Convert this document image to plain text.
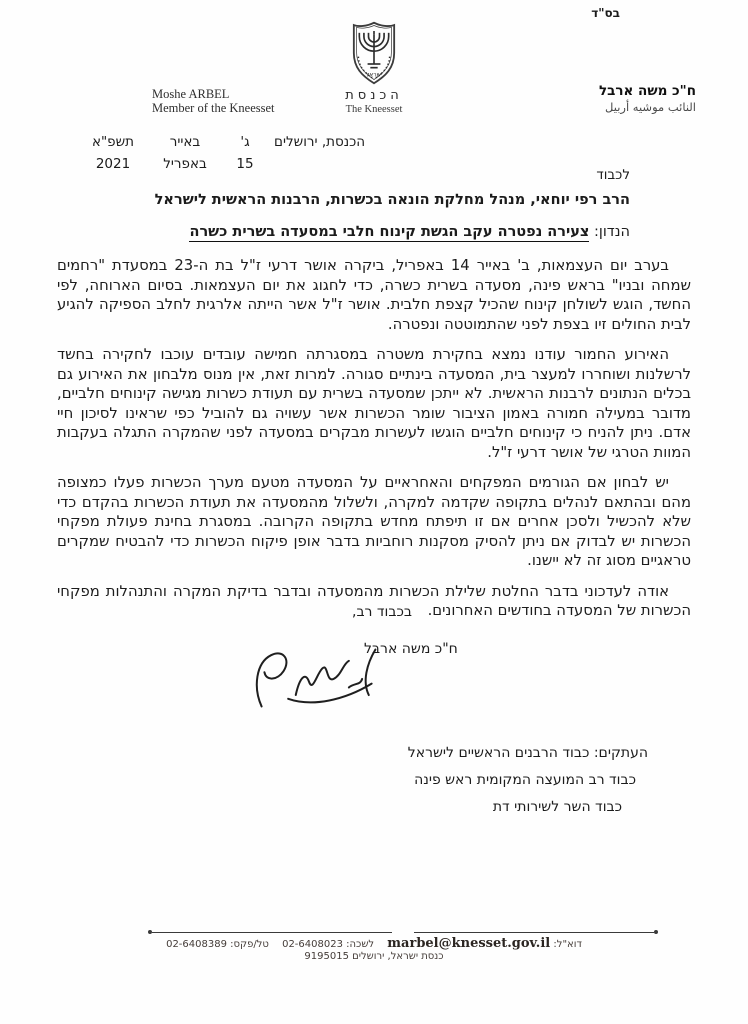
בס"ד
ישראל
הכנסת
The Kneesset
Moshe ARBEL
Member of the Kneesset
ח"כ משה ארבל
النائب موشيه أربيل
הכנסת, ירושלים
ג'
באייר
תשפ"א
15
באפריל
2021
לכבוד
הרב רפי יוחאי, מנהל מחלקת הונאה בכשרות, הרבנות הראשית לישראל
הנדון: צעירה נפטרה עקב הגשת קינוח חלבי במסעדה בשרית כשרה

בערב יום העצמאות, ב' באייר 14 באפריל, ביקרה אושר דרעי ז"ל בת ה-23 במסעדת "רחמים שמחה ובניו" בראש פינה, מסעדה בשרית כשרה, כדי לחגוג את יום העצמאות. בסיום הארוחה, לפי החשד, הוגש לשולחן קינוח שהכיל קצפת חלבית. אושר ז"ל אשר הייתה אלרגית לחלב הספיקה להגיע לבית החולים זיו בצפת לפני שהתמוטטה ונפטרה.

האירוע החמור עודנו נמצא בחקירת משטרה במסגרתה חמישה עובדים עוכבו לחקירה בחשד לרשלנות ושוחררו למעצר בית, המסעדה בינתיים סגורה. למרות זאת, אין מנוס מלבחון את האירוע גם בכלים הנתונים לרבנות הראשית. לא ייתכן שמסעדה בשרית עם תעודת כשרות מגישה קינוחים חלביים, מדובר במעילה חמורה באמון הציבור שומר הכשרות אשר עשויה גם להוביל כפי שראינו לסיכון חיי אדם. ניתן להניח כי קינוחים חלביים הוגשו לעשרות מבקרים במסעדה לפני שהמקרה התגלה בעקבות המוות הטרגי של אושר דרעי ז"ל.

יש לבחון אם הגורמים המפקחים והאחראיים על המסעדה מטעם מערך הכשרות פעלו כמצופה מהם ובהתאם לנהלים בתקופה שקדמה למקרה, ולשלול מהמסעדה את תעודת הכשרות בהקדם כדי שלא להכשיל ולסכן אחרים אם זו תיפתח מחדש בתקופה הקרובה. במסגרת בחינת פעולת מפקחי הכשרות יש לבדוק אם ניתן להסיק מסקנות רוחביות בדבר אופן פיקוח הכשרות כדי להבטיח שמקרים טראגיים מסוג זה לא יישנו.

אודה לעדכוני בדבר החלטת שלילת הכשרות מהמסעדה ובדבר בדיקת המקרה והתנהלות מפקחי הכשרות של המסעדה בחודשים האחרונים.

בכבוד רב,
ח"כ משה ארבל
העתקים: כבוד הרבנים הראשיים לישראל
כבוד רב המועצה המקומית ראש פינה
כבוד השר לשירותי דת
דוא"ל: marbel@knesset.gov.il לשכה: 02-6408023 טל/פקס: 02-6408389
כנסת ישראל, ירושלים 9195015
